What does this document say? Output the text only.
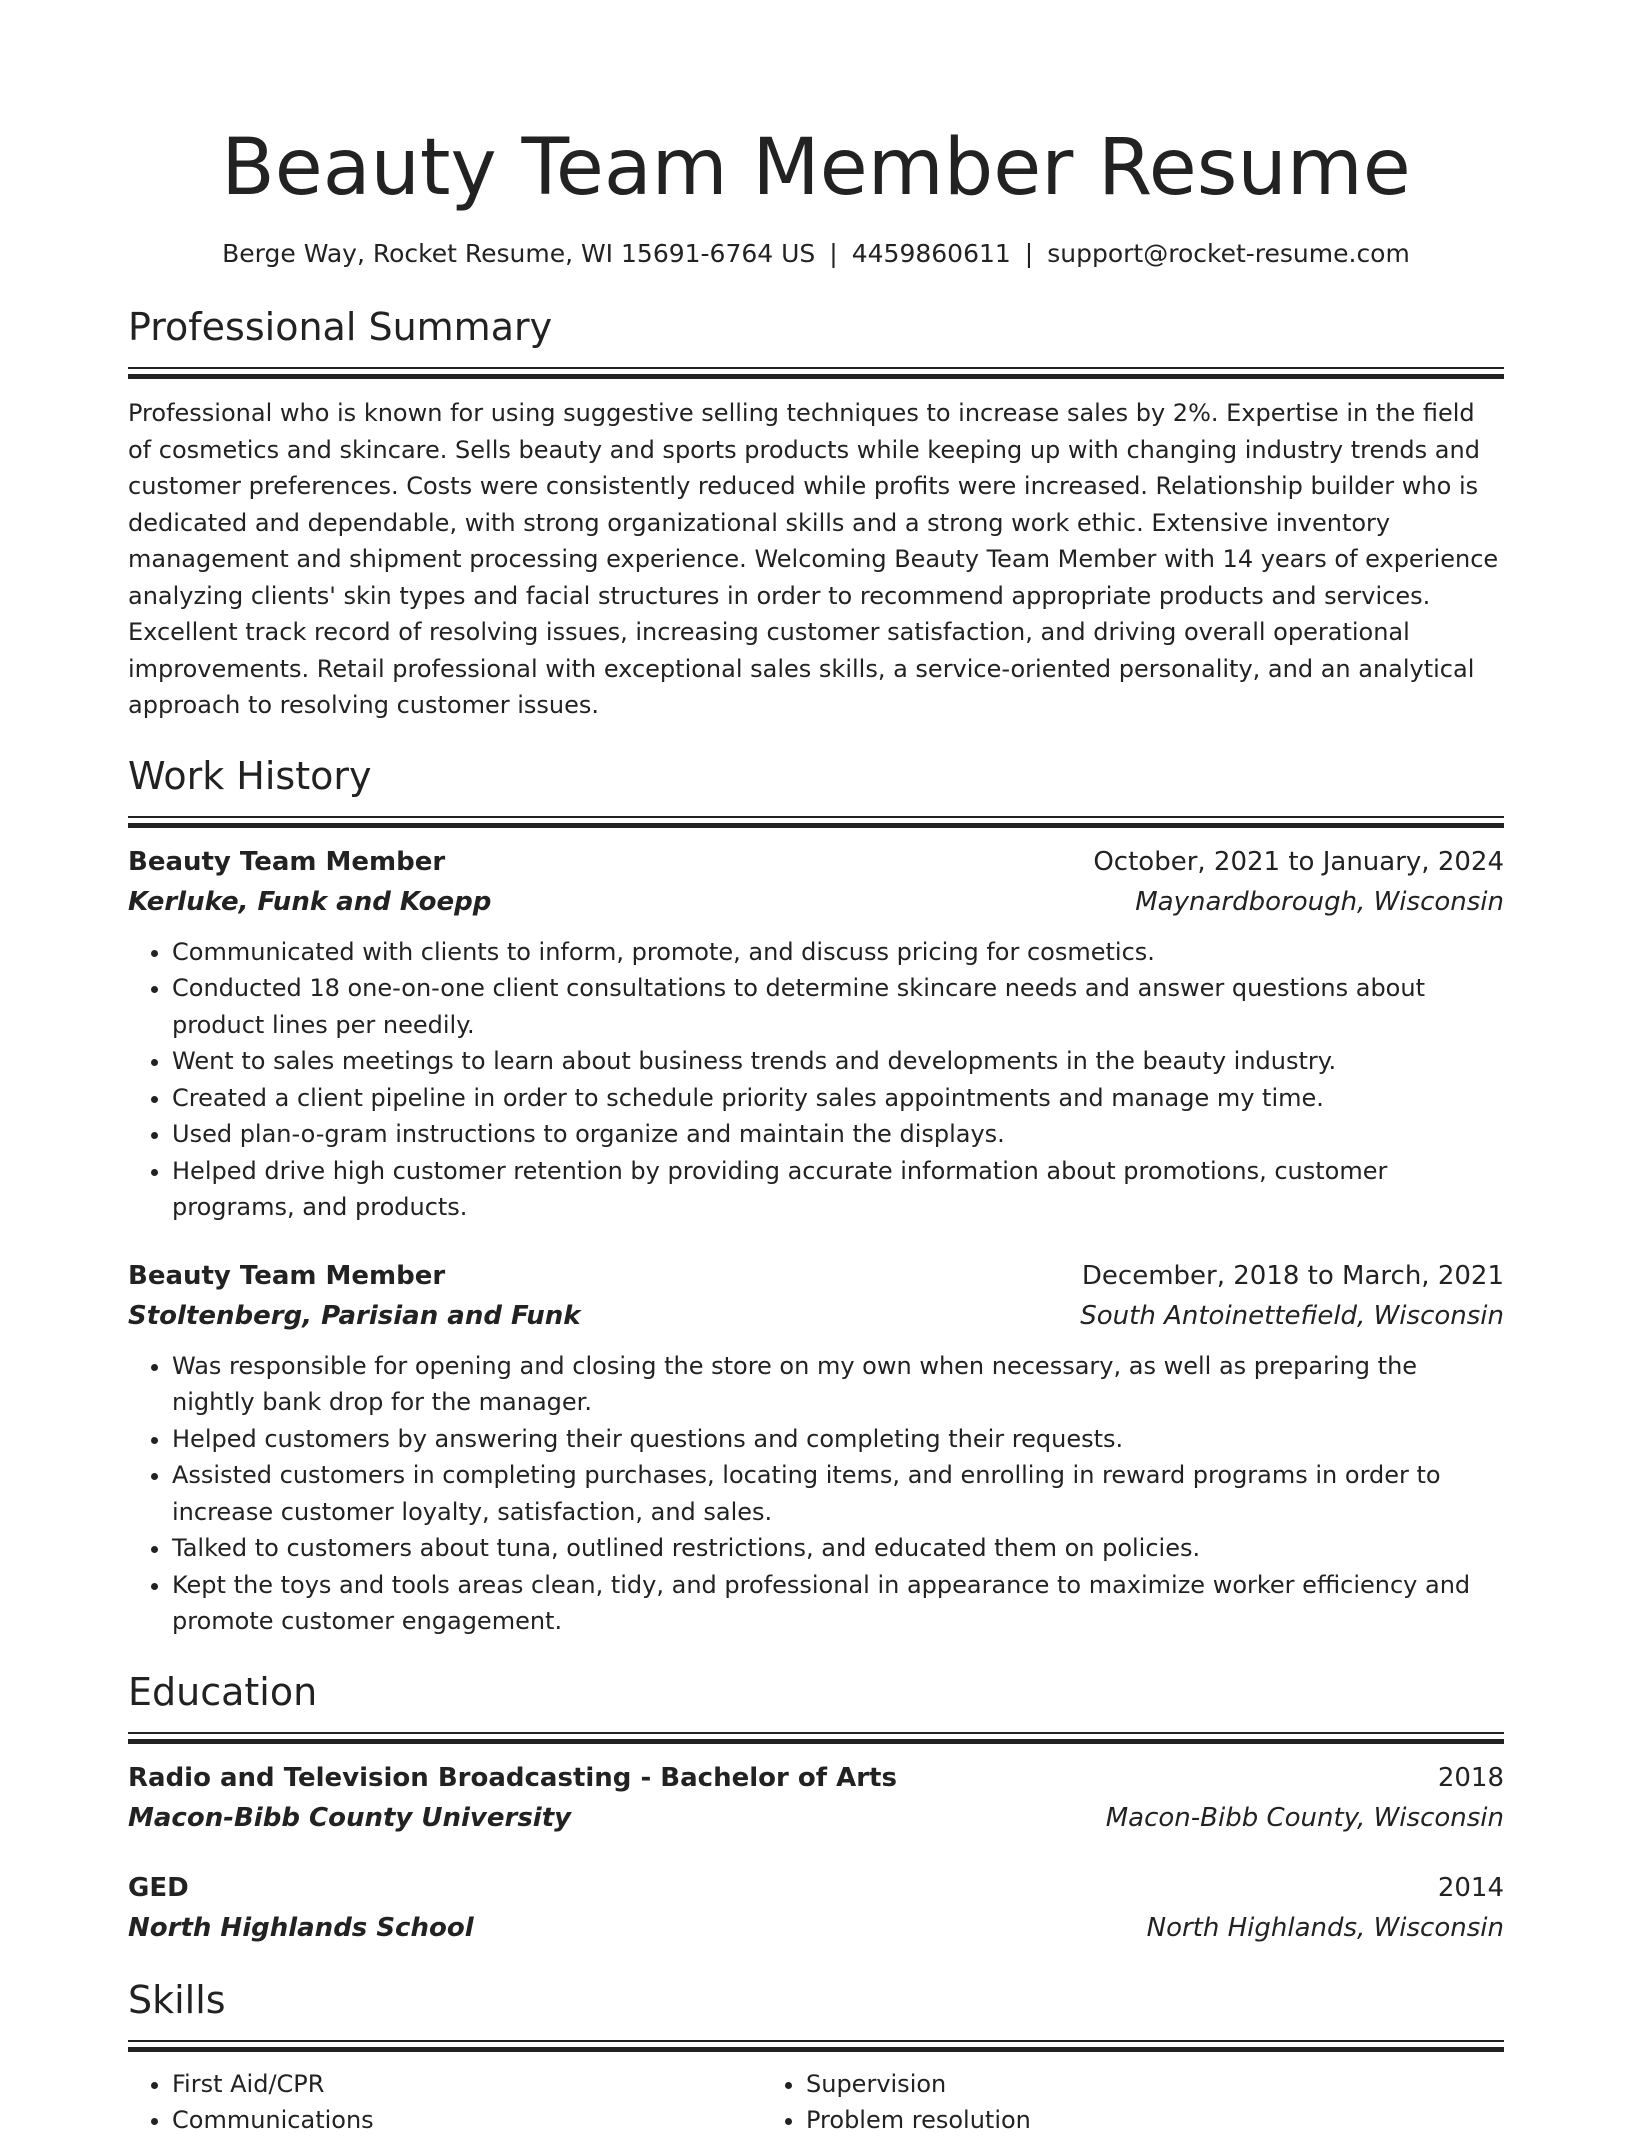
Beauty Team Member Resume
Berge Way, Rocket Resume, WI 15691-6764 US | 4459860611 | support@rocket-resume.com
Professional Summary
Professional who is known for using suggestive selling techniques to increase sales by 2%. Expertise in the field of cosmetics and skincare. Sells beauty and sports products while keeping up with changing industry trends and customer preferences. Costs were consistently reduced while profits were increased. Relationship builder who is dedicated and dependable, with strong organizational skills and a strong work ethic. Extensive inventory management and shipment processing experience. Welcoming Beauty Team Member with 14 years of experience analyzing clients' skin types and facial structures in order to recommend appropriate products and services. Excellent track record of resolving issues, increasing customer satisfaction, and driving overall operational improvements. Retail professional with exceptional sales skills, a service-oriented personality, and an analytical approach to resolving customer issues.
Work History
Beauty Team Member	October, 2021 to January, 2024
Kerluke, Funk and Koepp	Maynardborough, Wisconsin
• Communicated with clients to inform, promote, and discuss pricing for cosmetics.
• Conducted 18 one-on-one client consultations to determine skincare needs and answer questions about product lines per needily.
• Went to sales meetings to learn about business trends and developments in the beauty industry.
• Created a client pipeline in order to schedule priority sales appointments and manage my time.
• Used plan-o-gram instructions to organize and maintain the displays.
• Helped drive high customer retention by providing accurate information about promotions, customer programs, and products.
Beauty Team Member	December, 2018 to March, 2021
Stoltenberg, Parisian and Funk	South Antoinettefield, Wisconsin
• Was responsible for opening and closing the store on my own when necessary, as well as preparing the nightly bank drop for the manager.
• Helped customers by answering their questions and completing their requests.
• Assisted customers in completing purchases, locating items, and enrolling in reward programs in order to increase customer loyalty, satisfaction, and sales.
• Talked to customers about tuna, outlined restrictions, and educated them on policies.
• Kept the toys and tools areas clean, tidy, and professional in appearance to maximize worker efficiency and promote customer engagement.
Education
Radio and Television Broadcasting - Bachelor of Arts	2018
Macon-Bibb County University	Macon-Bibb County, Wisconsin
GED	2014
North Highlands School	North Highlands, Wisconsin
Skills
• First Aid/CPR
• Communications
• Supervision
• Problem resolution
